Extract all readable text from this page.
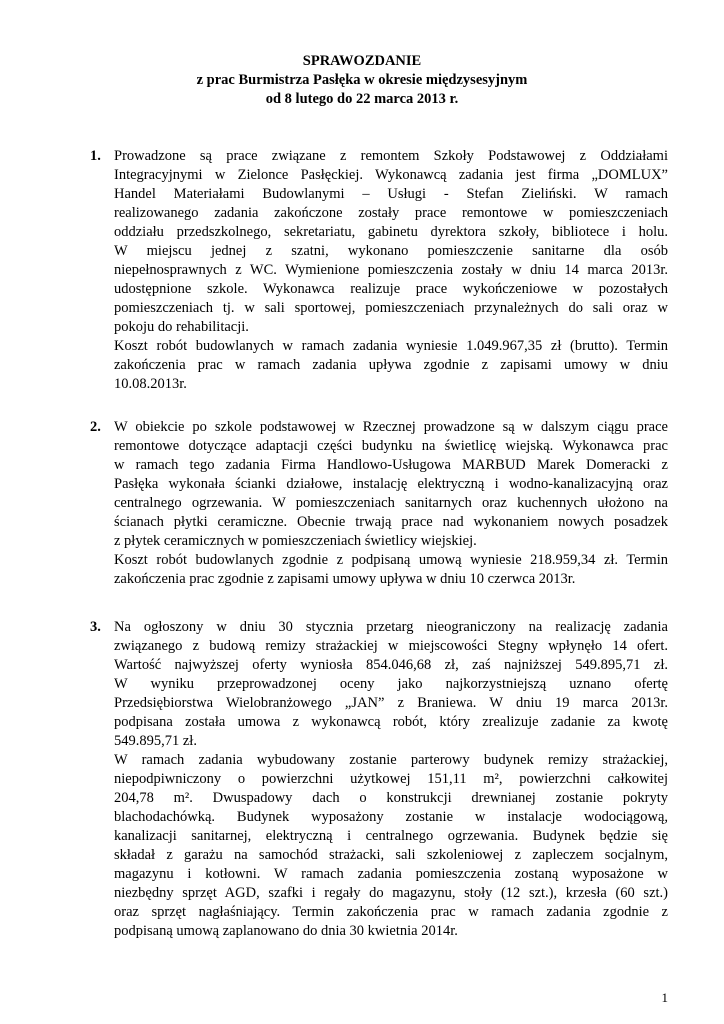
SPRAWOZDANIE
z prac Burmistrza Pasłęka w okresie międzysesyjnym
od 8 lutego do 22 marca 2013 r.
1. Prowadzone są prace związane z remontem Szkoły Podstawowej z Oddziałami
Integracyjnymi w Zielonce Pasłęckiej. Wykonawcą zadania jest firma „DOMLUX”
Handel Materiałami Budowlanymi – Usługi - Stefan Zieliński. W ramach
realizowanego zadania zakończone zostały prace remontowe w pomieszczeniach
oddziału przedszkolnego, sekretariatu, gabinetu dyrektora szkoły, bibliotece i holu.
W miejscu jednej z szatni, wykonano pomieszczenie sanitarne dla osób
niepełnosprawnych z WC. Wymienione pomieszczenia zostały w dniu 14 marca 2013r.
udostępnione szkole. Wykonawca realizuje prace wykończeniowe w pozostałych
pomieszczeniach tj. w sali sportowej, pomieszczeniach przynależnych do sali oraz w
pokoju do rehabilitacji.
Koszt robót budowlanych w ramach zadania wyniesie 1.049.967,35 zł (brutto). Termin
zakończenia prac w ramach zadania upływa zgodnie z zapisami umowy w dniu
10.08.2013r.
2. W obiekcie po szkole podstawowej w Rzecznej prowadzone są w dalszym ciągu prace
remontowe dotyczące adaptacji części budynku na świetlicę wiejską. Wykonawca prac
w ramach tego zadania Firma Handlowo-Usługowa MARBUD Marek Domeracki z
Pasłęka wykonała ścianki działowe, instalację elektryczną i wodno-kanalizacyjną oraz
centralnego ogrzewania. W pomieszczeniach sanitarnych oraz kuchennych ułożono na
ścianach płytki ceramiczne. Obecnie trwają prace nad wykonaniem nowych posadzek
z płytek ceramicznych w pomieszczeniach świetlicy wiejskiej.
Koszt robót budowlanych zgodnie z podpisaną umową wyniesie 218.959,34 zł. Termin
zakończenia prac zgodnie z zapisami umowy upływa w dniu 10 czerwca 2013r.
3. Na ogłoszony w dniu 30 stycznia przetarg nieograniczony na realizację zadania
związanego z budową remizy strażackiej w miejscowości Stegny wpłynęło 14 ofert.
Wartość najwyższej oferty wyniosła 854.046,68 zł, zaś najniższej 549.895,71 zł.
W wyniku przeprowadzonej oceny jako najkorzystniejszą uznano ofertę
Przedsiębiorstwa Wielobranżowego „JAN” z Braniewa. W dniu 19 marca 2013r.
podpisana została umowa z wykonawcą robót, który zrealizuje zadanie za kwotę
549.895,71 zł.
W ramach zadania wybudowany zostanie parterowy budynek remizy strażackiej,
niepodpiwniczony o powierzchni użytkowej 151,11 m², powierzchni całkowitej
204,78 m². Dwuspadowy dach o konstrukcji drewnianej zostanie pokryty
blachodachówką. Budynek wyposażony zostanie w instalacje wodociągową,
kanalizacji sanitarnej, elektryczną i centralnego ogrzewania. Budynek będzie się
składał z garażu na samochód strażacki, sali szkoleniowej z zapleczem socjalnym,
magazynu i kotłowni. W ramach zadania pomieszczenia zostaną wyposażone w
niezbędny sprzęt AGD, szafki i regały do magazynu, stoły (12 szt.), krzesła (60 szt.)
oraz sprzęt nagłaśniający. Termin zakończenia prac w ramach zadania zgodnie z
podpisaną umową zaplanowano do dnia 30 kwietnia 2014r.
1
